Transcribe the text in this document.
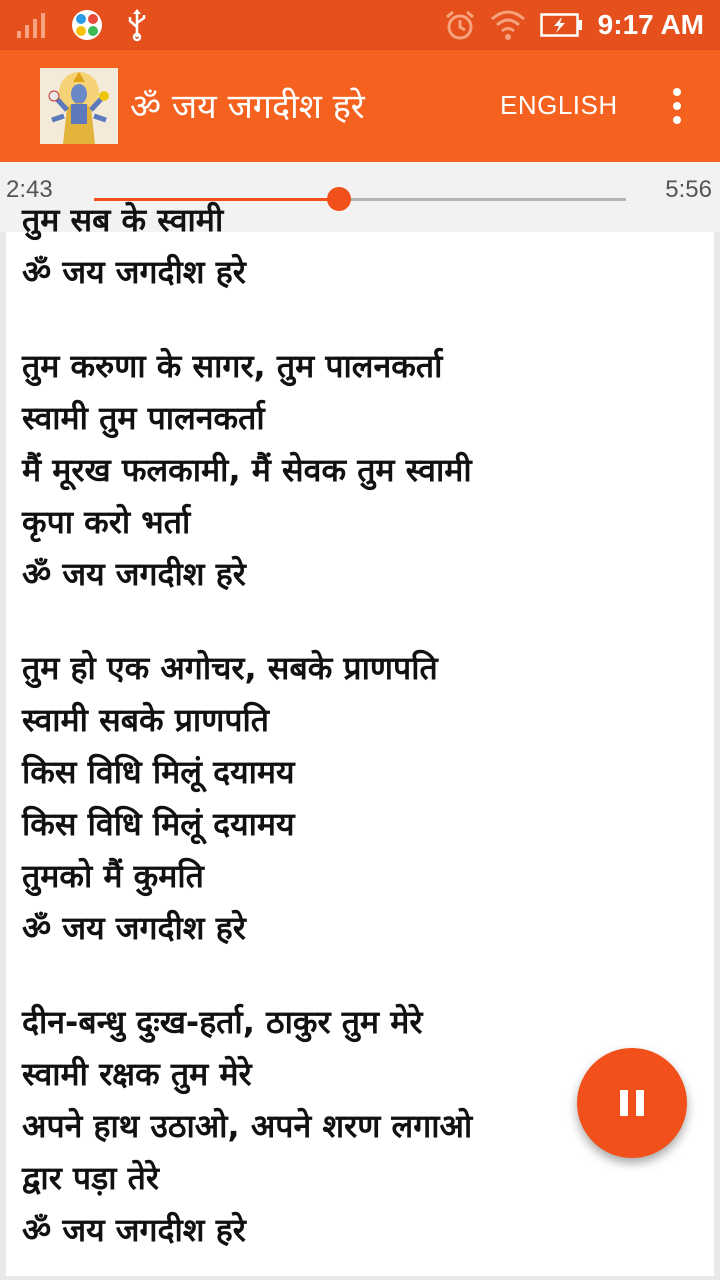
9:17 AM
ॐ जय जगदीश हरे	ENGLISH
2:43	5:56
तुम सब के स्वामी
ॐ जय जगदीश हरे
तुम करुणा के सागर, तुम पालनकर्ता
स्वामी तुम पालनकर्ता
मैं मूरख फलकामी, मैं सेवक तुम स्वामी
कृपा करो भर्ता
ॐ जय जगदीश हरे
तुम हो एक अगोचर, सबके प्राणपति
स्वामी सबके प्राणपति
किस विधि मिलूं दयामय
किस विधि मिलूं दयामय
तुमको मैं कुमति
ॐ जय जगदीश हरे
दीन-बन्धु दुःख-हर्ता, ठाकुर तुम मेरे
स्वामी रक्षक तुम मेरे
अपने हाथ उठाओ, अपने शरण लगाओ
द्वार पड़ा तेरे
ॐ जय जगदीश हरे
